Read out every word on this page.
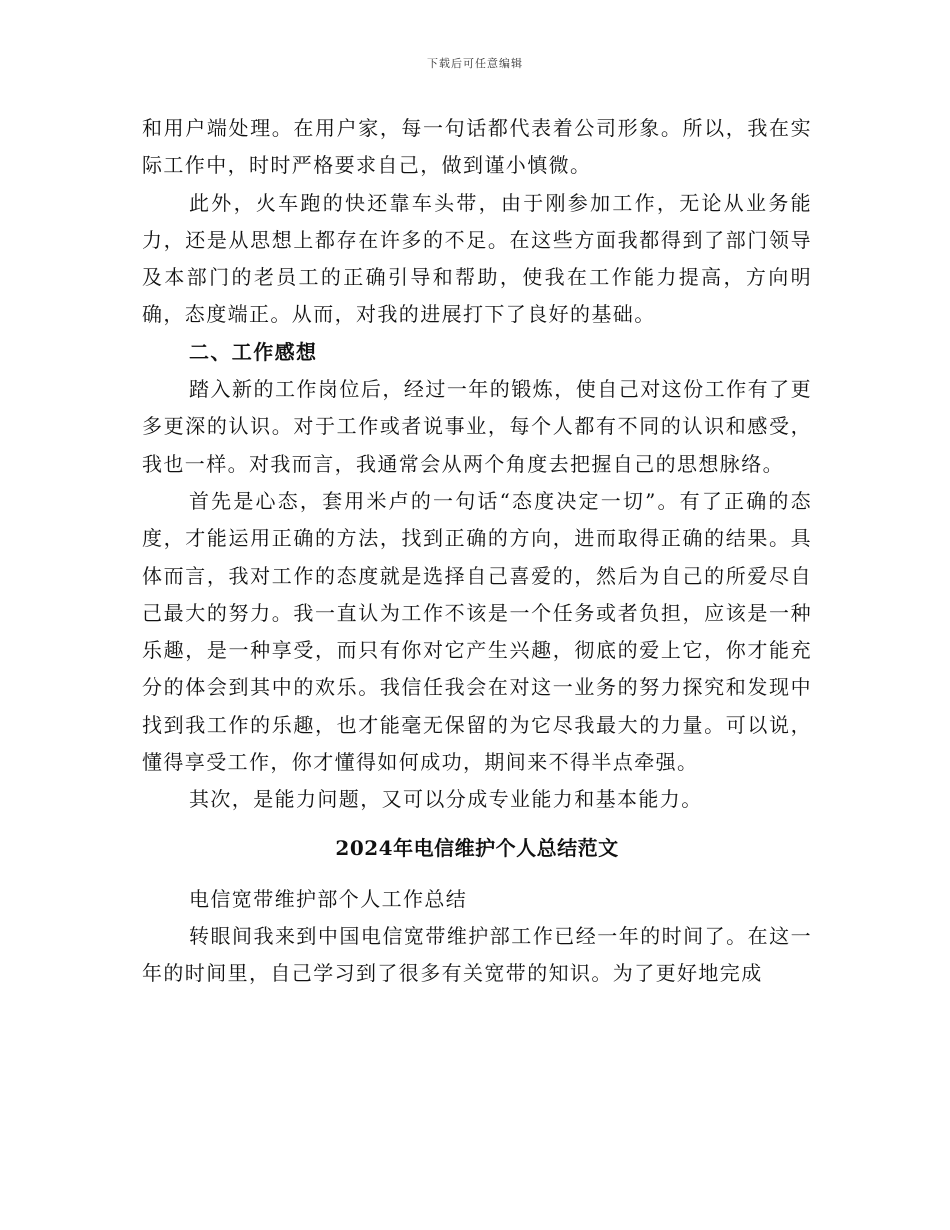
下载后可任意编辑

和用户端处理。在用户家，每一句话都代表着公司形象。所以，我在实际工作中，时时严格要求自己，做到谨小慎微。

此外，火车跑的快还靠车头带，由于刚参加工作，无论从业务能力，还是从思想上都存在许多的不足。在这些方面我都得到了部门领导及本部门的老员工的正确引导和帮助，使我在工作能力提高，方向明确，态度端正。从而，对我的进展打下了良好的基础。

二、工作感想

踏入新的工作岗位后，经过一年的锻炼，使自己对这份工作有了更多更深的认识。对于工作或者说事业，每个人都有不同的认识和感受，我也一样。对我而言，我通常会从两个角度去把握自己的思想脉络。

首先是心态，套用米卢的一句话“态度决定一切”。有了正确的态度，才能运用正确的方法，找到正确的方向，进而取得正确的结果。具体而言，我对工作的态度就是选择自己喜爱的，然后为自己的所爱尽自己最大的努力。我一直认为工作不该是一个任务或者负担，应该是一种乐趣，是一种享受，而只有你对它产生兴趣，彻底的爱上它，你才能充分的体会到其中的欢乐。我信任我会在对这一业务的努力探究和发现中找到我工作的乐趣，也才能毫无保留的为它尽我最大的力量。可以说，懂得享受工作，你才懂得如何成功，期间来不得半点牵强。

其次，是能力问题，又可以分成专业能力和基本能力。

2024年电信维护个人总结范文

电信宽带维护部个人工作总结

转眼间我来到中国电信宽带维护部工作已经一年的时间了。在这一年的时间里，自己学习到了很多有关宽带的知识。为了更好地完成
